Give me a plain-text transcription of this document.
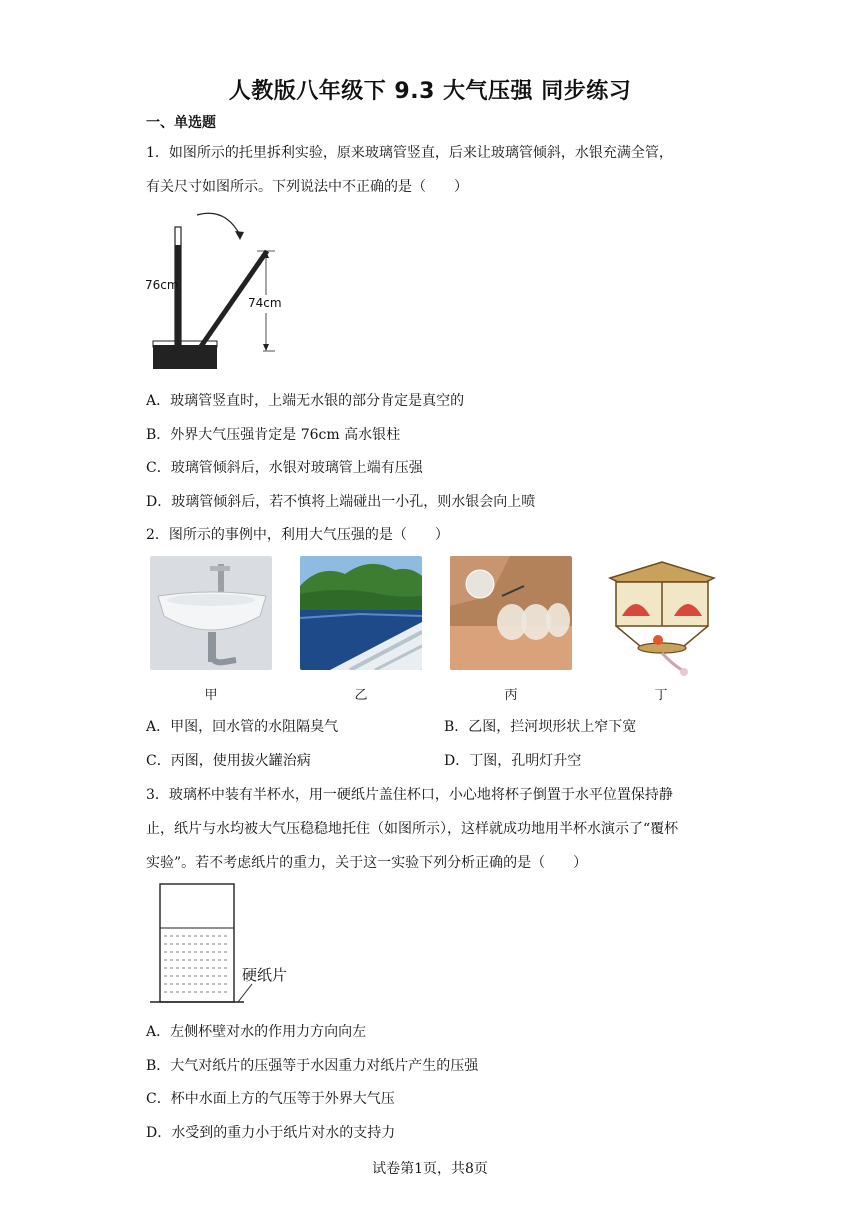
人教版八年级下 9.3 大气压强 同步练习
一、单选题
1．如图所示的托里拆利实验，原来玻璃管竖直，后来让玻璃管倾斜，水银充满全管，
有关尺寸如图所示。下列说法中不正确的是（　　）
76cm
74cm
A．玻璃管竖直时，上端无水银的部分肯定是真空的
B．外界大气压强肯定是 76cm 高水银柱
C．玻璃管倾斜后，水银对玻璃管上端有压强
D．玻璃管倾斜后，若不慎将上端碰出一小孔，则水银会向上喷
2．图所示的事例中，利用大气压强的是（　　）
甲	乙	丙	丁
A．甲图，回水管的水阻隔臭气	B．乙图，拦河坝形状上窄下宽
C．丙图，使用拔火罐治病	D．丁图，孔明灯升空
3．玻璃杯中装有半杯水，用一硬纸片盖住杯口，小心地将杯子倒置于水平位置保持静
止，纸片与水均被大气压稳稳地托住（如图所示），这样就成功地用半杯水演示了“覆杯
实验”。若不考虑纸片的重力，关于这一实验下列分析正确的是（　　）
硬纸片
A．左侧杯壁对水的作用力方向向左
B．大气对纸片的压强等于水因重力对纸片产生的压强
C．杯中水面上方的气压等于外界大气压
D．水受到的重力小于纸片对水的支持力
试卷第1页，共8页
